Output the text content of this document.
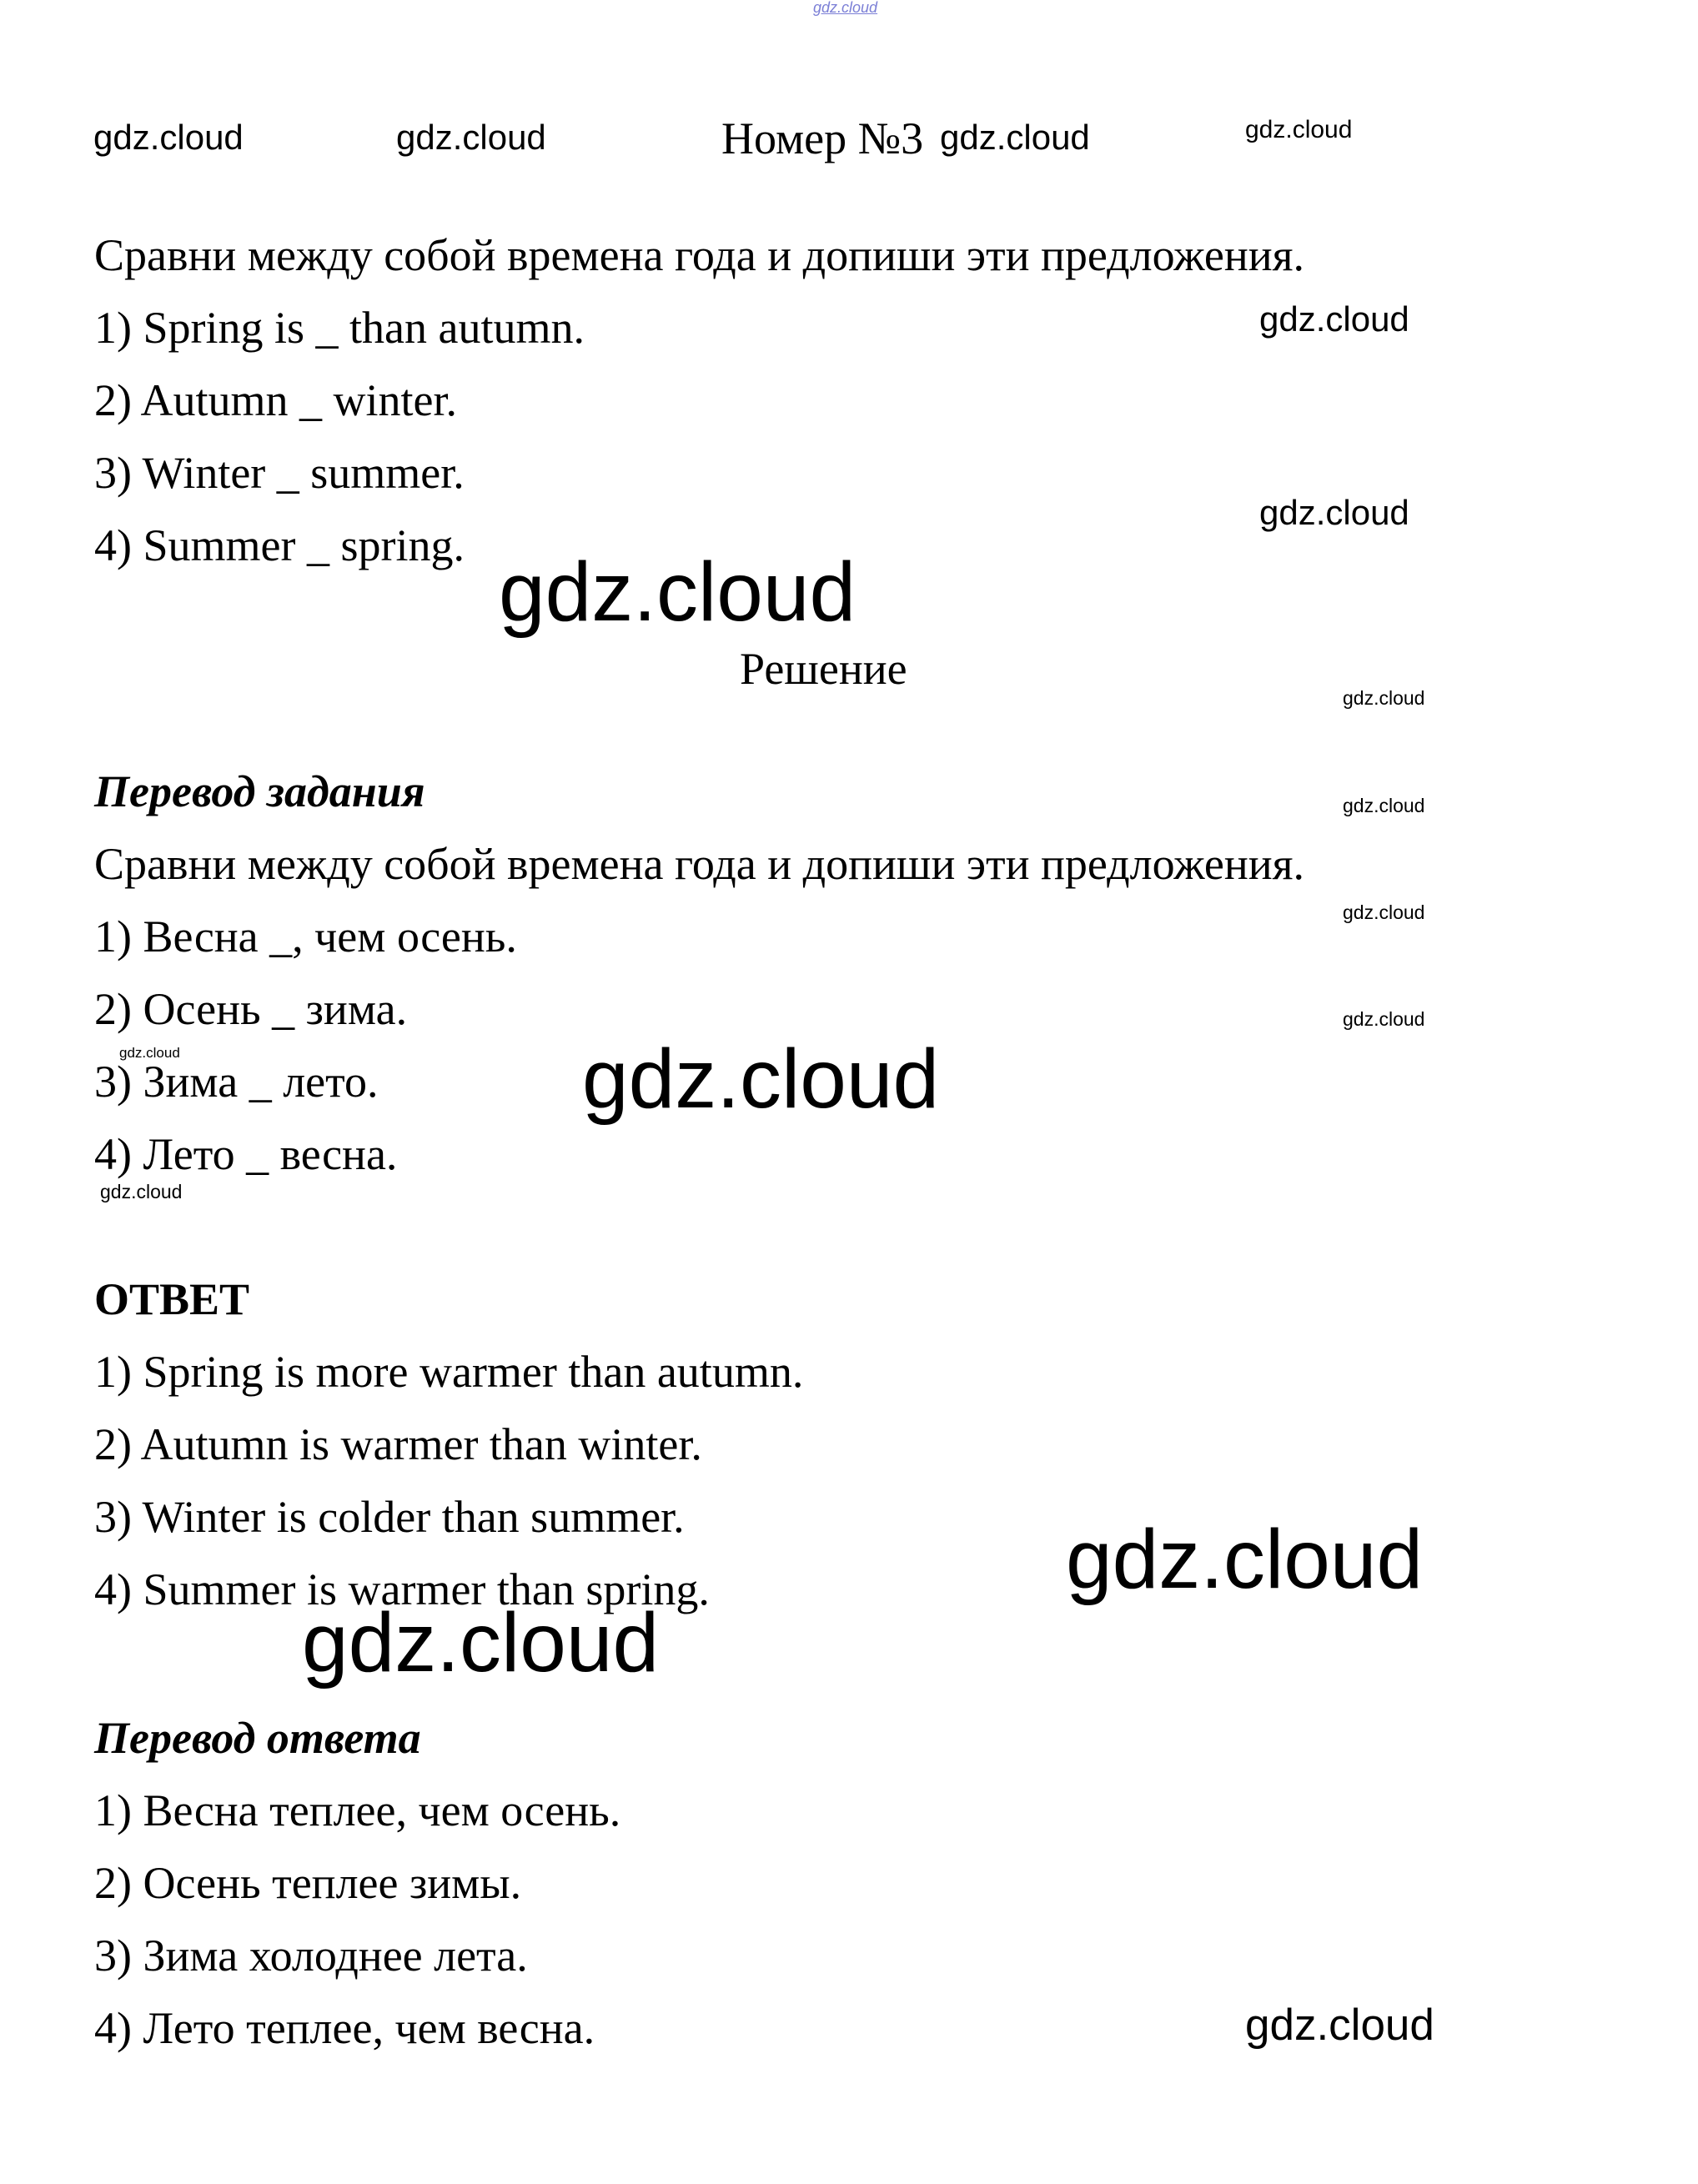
gdz.cloud
gdz.cloud	gdz.cloud	gdz.cloud	gdz.cloud
gdz.cloud
gdz.cloud
gdz.cloud
gdz.cloud
gdz.cloud
gdz.cloud
gdz.cloud
gdz.cloud	gdz.cloud
gdz.cloud
gdz.cloud
gdz.cloud
gdz.cloud
Номер №3
Сравни между собой времена года и допиши эти предложения.
1) Spring is _ than autumn.
2) Autumn _ winter.
3) Winter _ summer.
4) Summer _ spring.
Решение
Перевод задания
Сравни между собой времена года и допиши эти предложения.
1) Весна _, чем осень.
2) Осень _ зима.
3) Зима _ лето.
4) Лето _ весна.
ОТВЕТ
1) Spring is more warmer than autumn.
2) Autumn is warmer than winter.
3) Winter is colder than summer.
4) Summer is warmer than spring.
Перевод ответа
1) Весна теплее, чем осень.
2) Осень теплее зимы.
3) Зима холоднее лета.
4) Лето теплее, чем весна.
